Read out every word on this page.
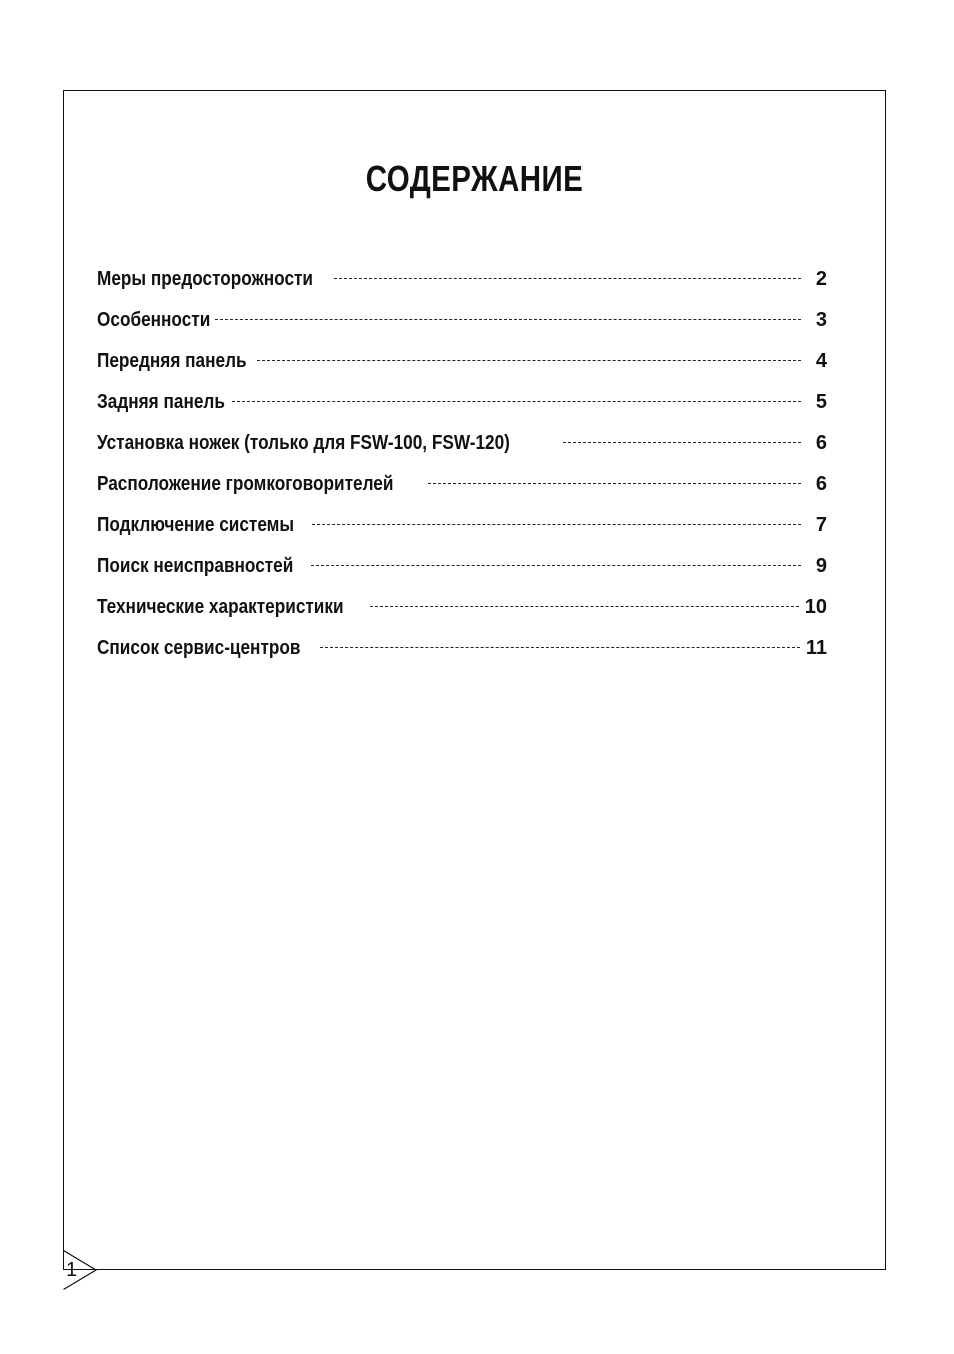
СОДЕРЖАНИЕ
Меры предосторожности	2
Особенности	3
Передняя панель	4
Задняя панель	5
Установка ножек (только для FSW-100, FSW-120)	6
Расположение громкоговорителей	6
Подключение системы	7
Поиск неисправностей	9
Технические характеристики	10
Список сервис-центров	11
1
